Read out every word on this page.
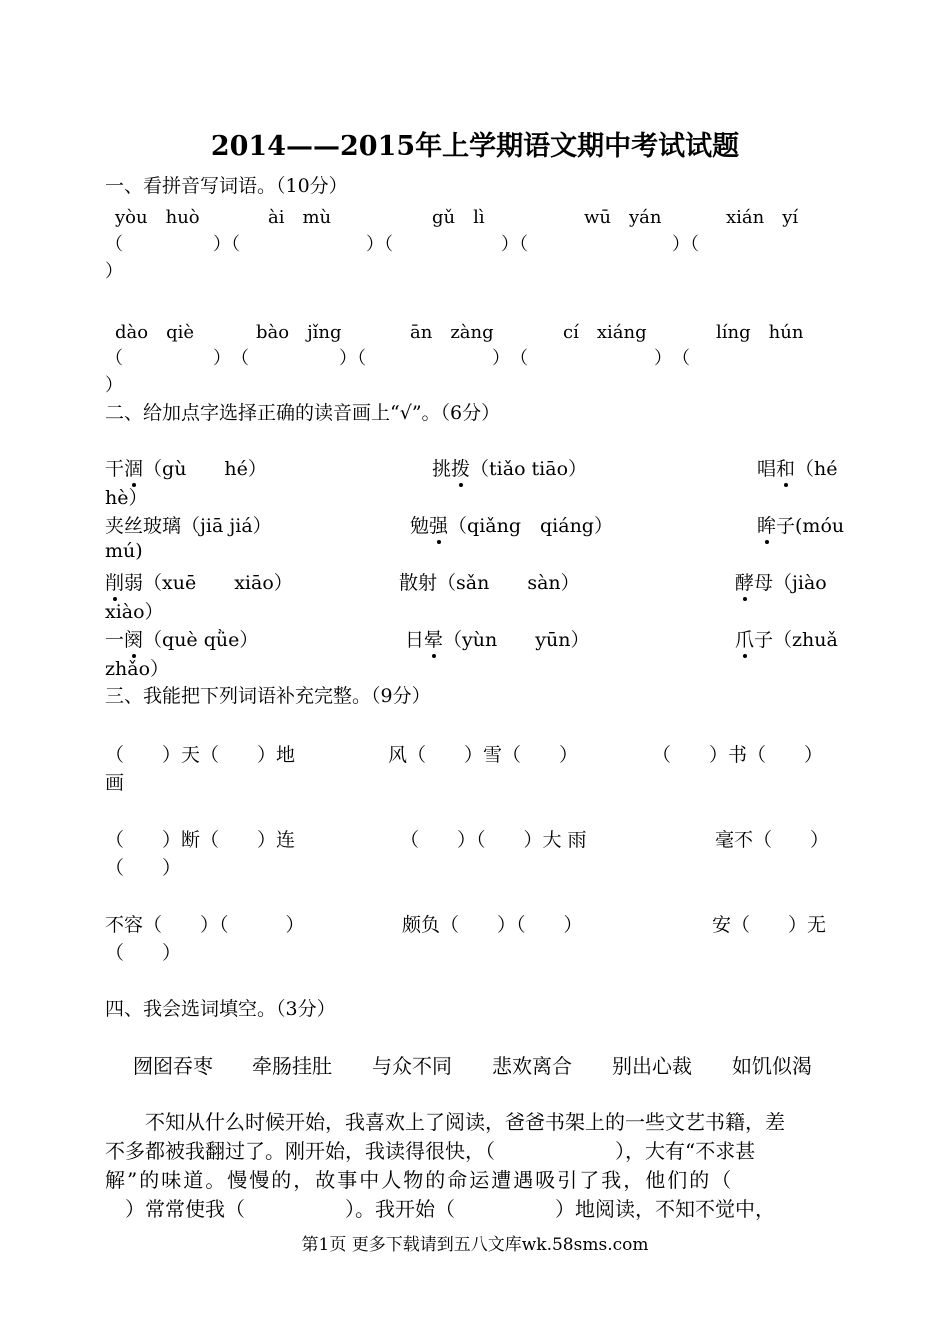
2014——2015年上学期语文期中考试试题
一、看拼音写词语。（10分）
yòu　huò	ài　mù	gǔ　lì	wū　yán	xián　yí
（　　　　　）（　　　　　　　）（　　　　　　）（　　　　　　　　）（
）
dào　qiè	bào　jǐng	ān　zàng	cí　xiáng	líng　hún
（　　　　　）　（　　　　　）（　　　　　　　）　（　　　　　　　）　（
）
二、给加点字选择正确的读音画上“√”。（6分）
干涸（gù　　hé）	挑拨（tiǎo tiāo）	唱和（hé
hè）
夹丝玻璃（jiā jiá）	勉强（qiǎng　qiáng）	眸子(móu
mú)
削弱（xuē　　xiāo）	散射（sǎn　　sàn）	酵母（jiào
xiào）
一阕（què qǜe）	日晕（yùn　　yūn）	爪子（zhuǎ
zhǎo）
三、我能把下列词语补充完整。（9分）
（　　）天（　　）地	风（　　）雪（　　）	（　　）书（　　）
画
（　　）断（　　）连	（　　）（　　）大 雨	毫不（　　）
（　　）
不容（　　）（　　　）	颇负（　　）（　　）	安（　　）无
（　　）
四、我会选词填空。（3分）
囫囵吞枣 牵肠挂肚 与众不同 悲欢离合 别出心裁 如饥似渴
　　不知从什么时候开始，我喜欢上了阅读，爸爸书架上的一些文艺书籍，差
不多都被我翻过了。刚开始，我读得很快，（　　　　　　），大有“不求甚
解”的味道。慢慢的，故事中人物的命运遭遇吸引了我，他们的（
　）常常使我（　　　　　）。我开始（　　　　　）地阅读，不知不觉中，
第1页 更多下载请到五八文库wk.58sms.com
